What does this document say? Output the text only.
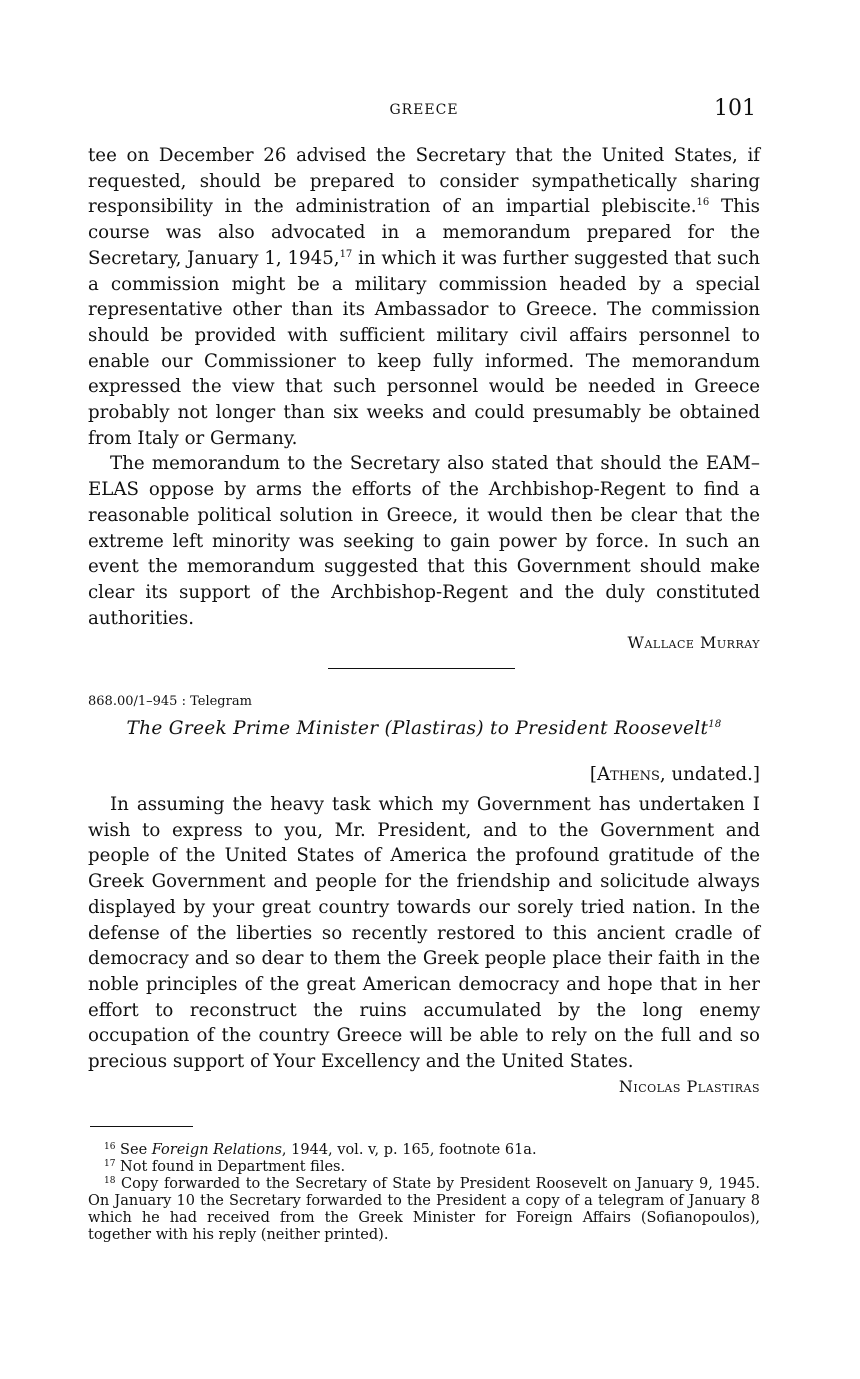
GREECE	101

tee on December 26 advised the Secretary that the United States, if requested, should be prepared to consider sympathetically sharing responsibility in the administration of an impartial plebiscite.$^{16}$ This course was also advocated in a memorandum prepared for the Secretary, January 1, 1945,17 in which it was further suggested that such a commission might be a military commission headed by a special representative other than its Ambassador to Greece. The commission should be provided with sufficient military civil affairs personnel to enable our Commissioner to keep fully informed. The memorandum expressed the view that such personnel would be needed in Greece probably not longer than six weeks and could presumably be obtained from Italy or Germany.

The memorandum to the Secretary also stated that should the EAM–ELAS oppose by arms the efforts of the Archbishop-Regent to find a reasonable political solution in Greece, it would then be clear that the extreme left minority was seeking to gain power by force. In such an event the memorandum suggested that this Government should make clear its support of the Archbishop-Regent and the duly constituted authorities.

Wallace Murray

868.00/1–945 : Telegram
The Greek Prime Minister (Plastiras) to President Roosevelt$^{18}$
[Athens, undated.]

In assuming the heavy task which my Government has undertaken I wish to express to you, Mr. President, and to the Government and people of the United States of America the profound gratitude of the Greek Government and people for the friendship and solicitude always displayed by your great country towards our sorely tried nation. In the defense of the liberties so recently restored to this ancient cradle of democracy and so dear to them the Greek people place their faith in the noble principles of the great American democracy and hope that in her effort to reconstruct the ruins accumulated by the long enemy occupation of the country Greece will be able to rely on the full and so precious support of Your Excellency and the United States.

Nicolas Plastiras

$^{16}$ See Foreign Relations, 1944, vol. v, p. 165, footnote 61a.

$^{17}$ Not found in Department files.

$^{18}$ Copy forwarded to the Secretary of State by President Roosevelt on January 9, 1945. On January 10 the Secretary forwarded to the President a copy of a telegram of January 8 which he had received from the Greek Minister for Foreign Affairs (Sofianopoulos), together with his reply (neither printed).
